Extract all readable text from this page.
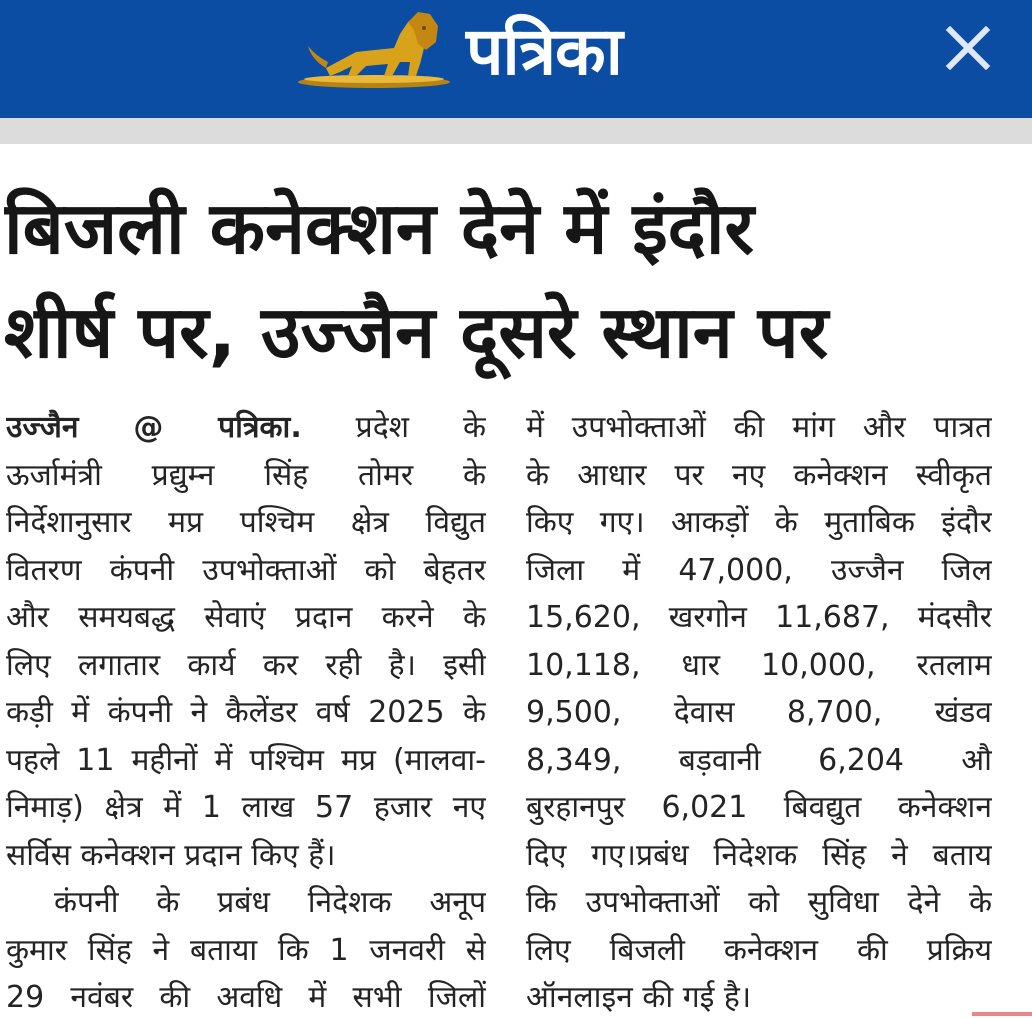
पत्रिका
बिजली कनेक्शन देने में इंदौर
शीर्ष पर, उज्जैन दूसरे स्थान पर
उज्जैन @ पत्रिका. प्रदेश के
ऊर्जामंत्री प्रद्युम्न सिंह तोमर के
निर्देशानुसार मप्र पश्चिम क्षेत्र विद्युत
वितरण कंपनी उपभोक्ताओं को बेहतर
और समयबद्ध सेवाएं प्रदान करने के
लिए लगातार कार्य कर रही है। इसी
कड़ी में कंपनी ने कैलेंडर वर्ष 2025 के
पहले 11 महीनों में पश्चिम मप्र (मालवा-
निमाड़) क्षेत्र में 1 लाख 57 हजार नए
सर्विस कनेक्शन प्रदान किए हैं।
कंपनी के प्रबंध निदेशक अनूप
कुमार सिंह ने बताया कि 1 जनवरी से
29 नवंबर की अवधि में सभी जिलों
में उपभोक्ताओं की मांग और पात्रत
के आधार पर नए कनेक्शन स्वीकृत
किए गए। आकड़ों के मुताबिक इंदौर
जिला में 47,000, उज्जैन जिल
15,620, खरगोन 11,687, मंदसौर
10,118, धार 10,000, रतलाम
9,500, देवास 8,700, खंडव
8,349, बड़वानी 6,204 औ
बुरहानपुर 6,021 बिवद्युत कनेक्शन
दिए गए।प्रबंध निदेशक सिंह ने बताय
कि उपभोक्ताओं को सुविधा देने के
लिए बिजली कनेक्शन की प्रक्रिय
ऑनलाइन की गई है।
